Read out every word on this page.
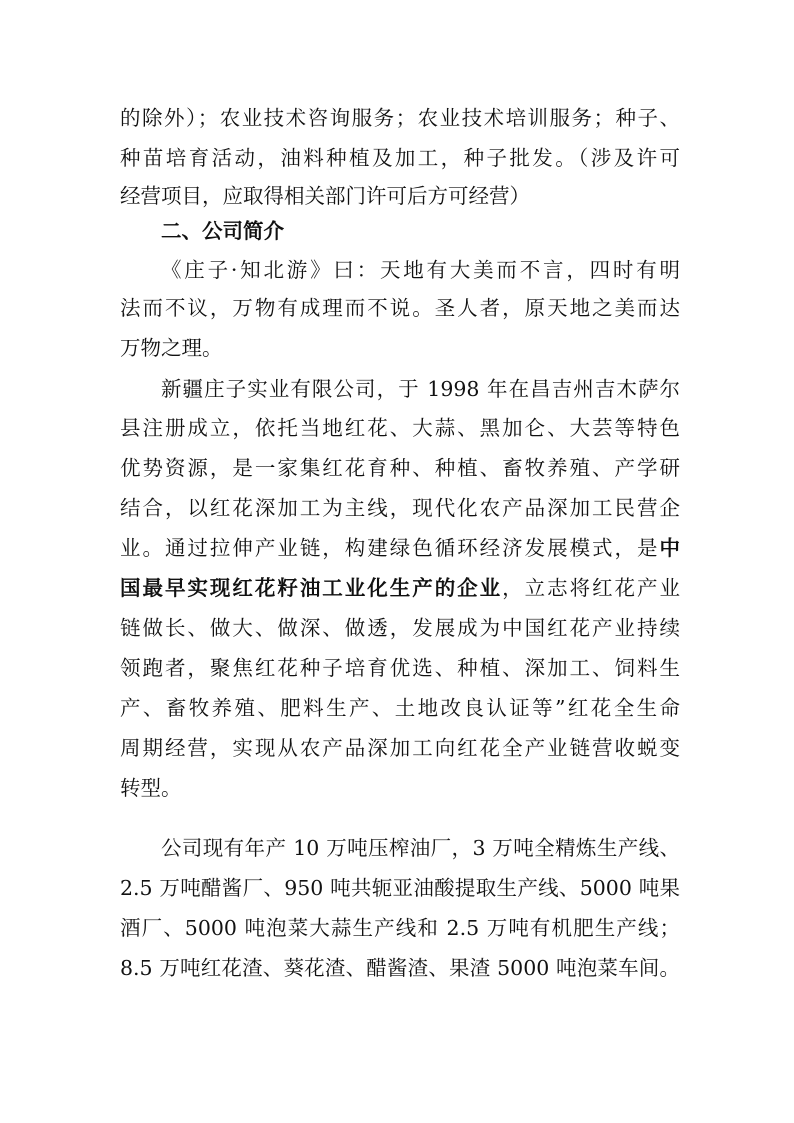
的除外）；农业技术咨询服务；农业技术培训服务；种子、
种苗培育活动，油料种植及加工，种子批发。（涉及许可
经营项目，应取得相关部门许可后方可经营）
二、公司简介
《庄子·知北游》曰：天地有大美而不言，四时有明
法而不议，万物有成理而不说。圣人者，原天地之美而达
万物之理。
新疆庄子实业有限公司，于 1998 年在昌吉州吉木萨尔
县注册成立，依托当地红花、大蒜、黑加仑、大芸等特色
优势资源，是一家集红花育种、种植、畜牧养殖、产学研
结合，以红花深加工为主线，现代化农产品深加工民营企
业。通过拉伸产业链，构建绿色循环经济发展模式，是中
国最早实现红花籽油工业化生产的企业，立志将红花产业
链做长、做大、做深、做透，发展成为中国红花产业持续
领跑者，聚焦红花种子培育优选、种植、深加工、饲料生
产、畜牧养殖、肥料生产、土地改良认证等”红花全生命
周期经营，实现从农产品深加工向红花全产业链营收蜕变
转型。
公司现有年产 10 万吨压榨油厂，3 万吨全精炼生产线、
2.5 万吨醋酱厂、950 吨共轭亚油酸提取生产线、5000 吨果
酒厂、5000 吨泡菜大蒜生产线和 2.5 万吨有机肥生产线；
8.5 万吨红花渣、葵花渣、醋酱渣、果渣 5000 吨泡菜车间。
